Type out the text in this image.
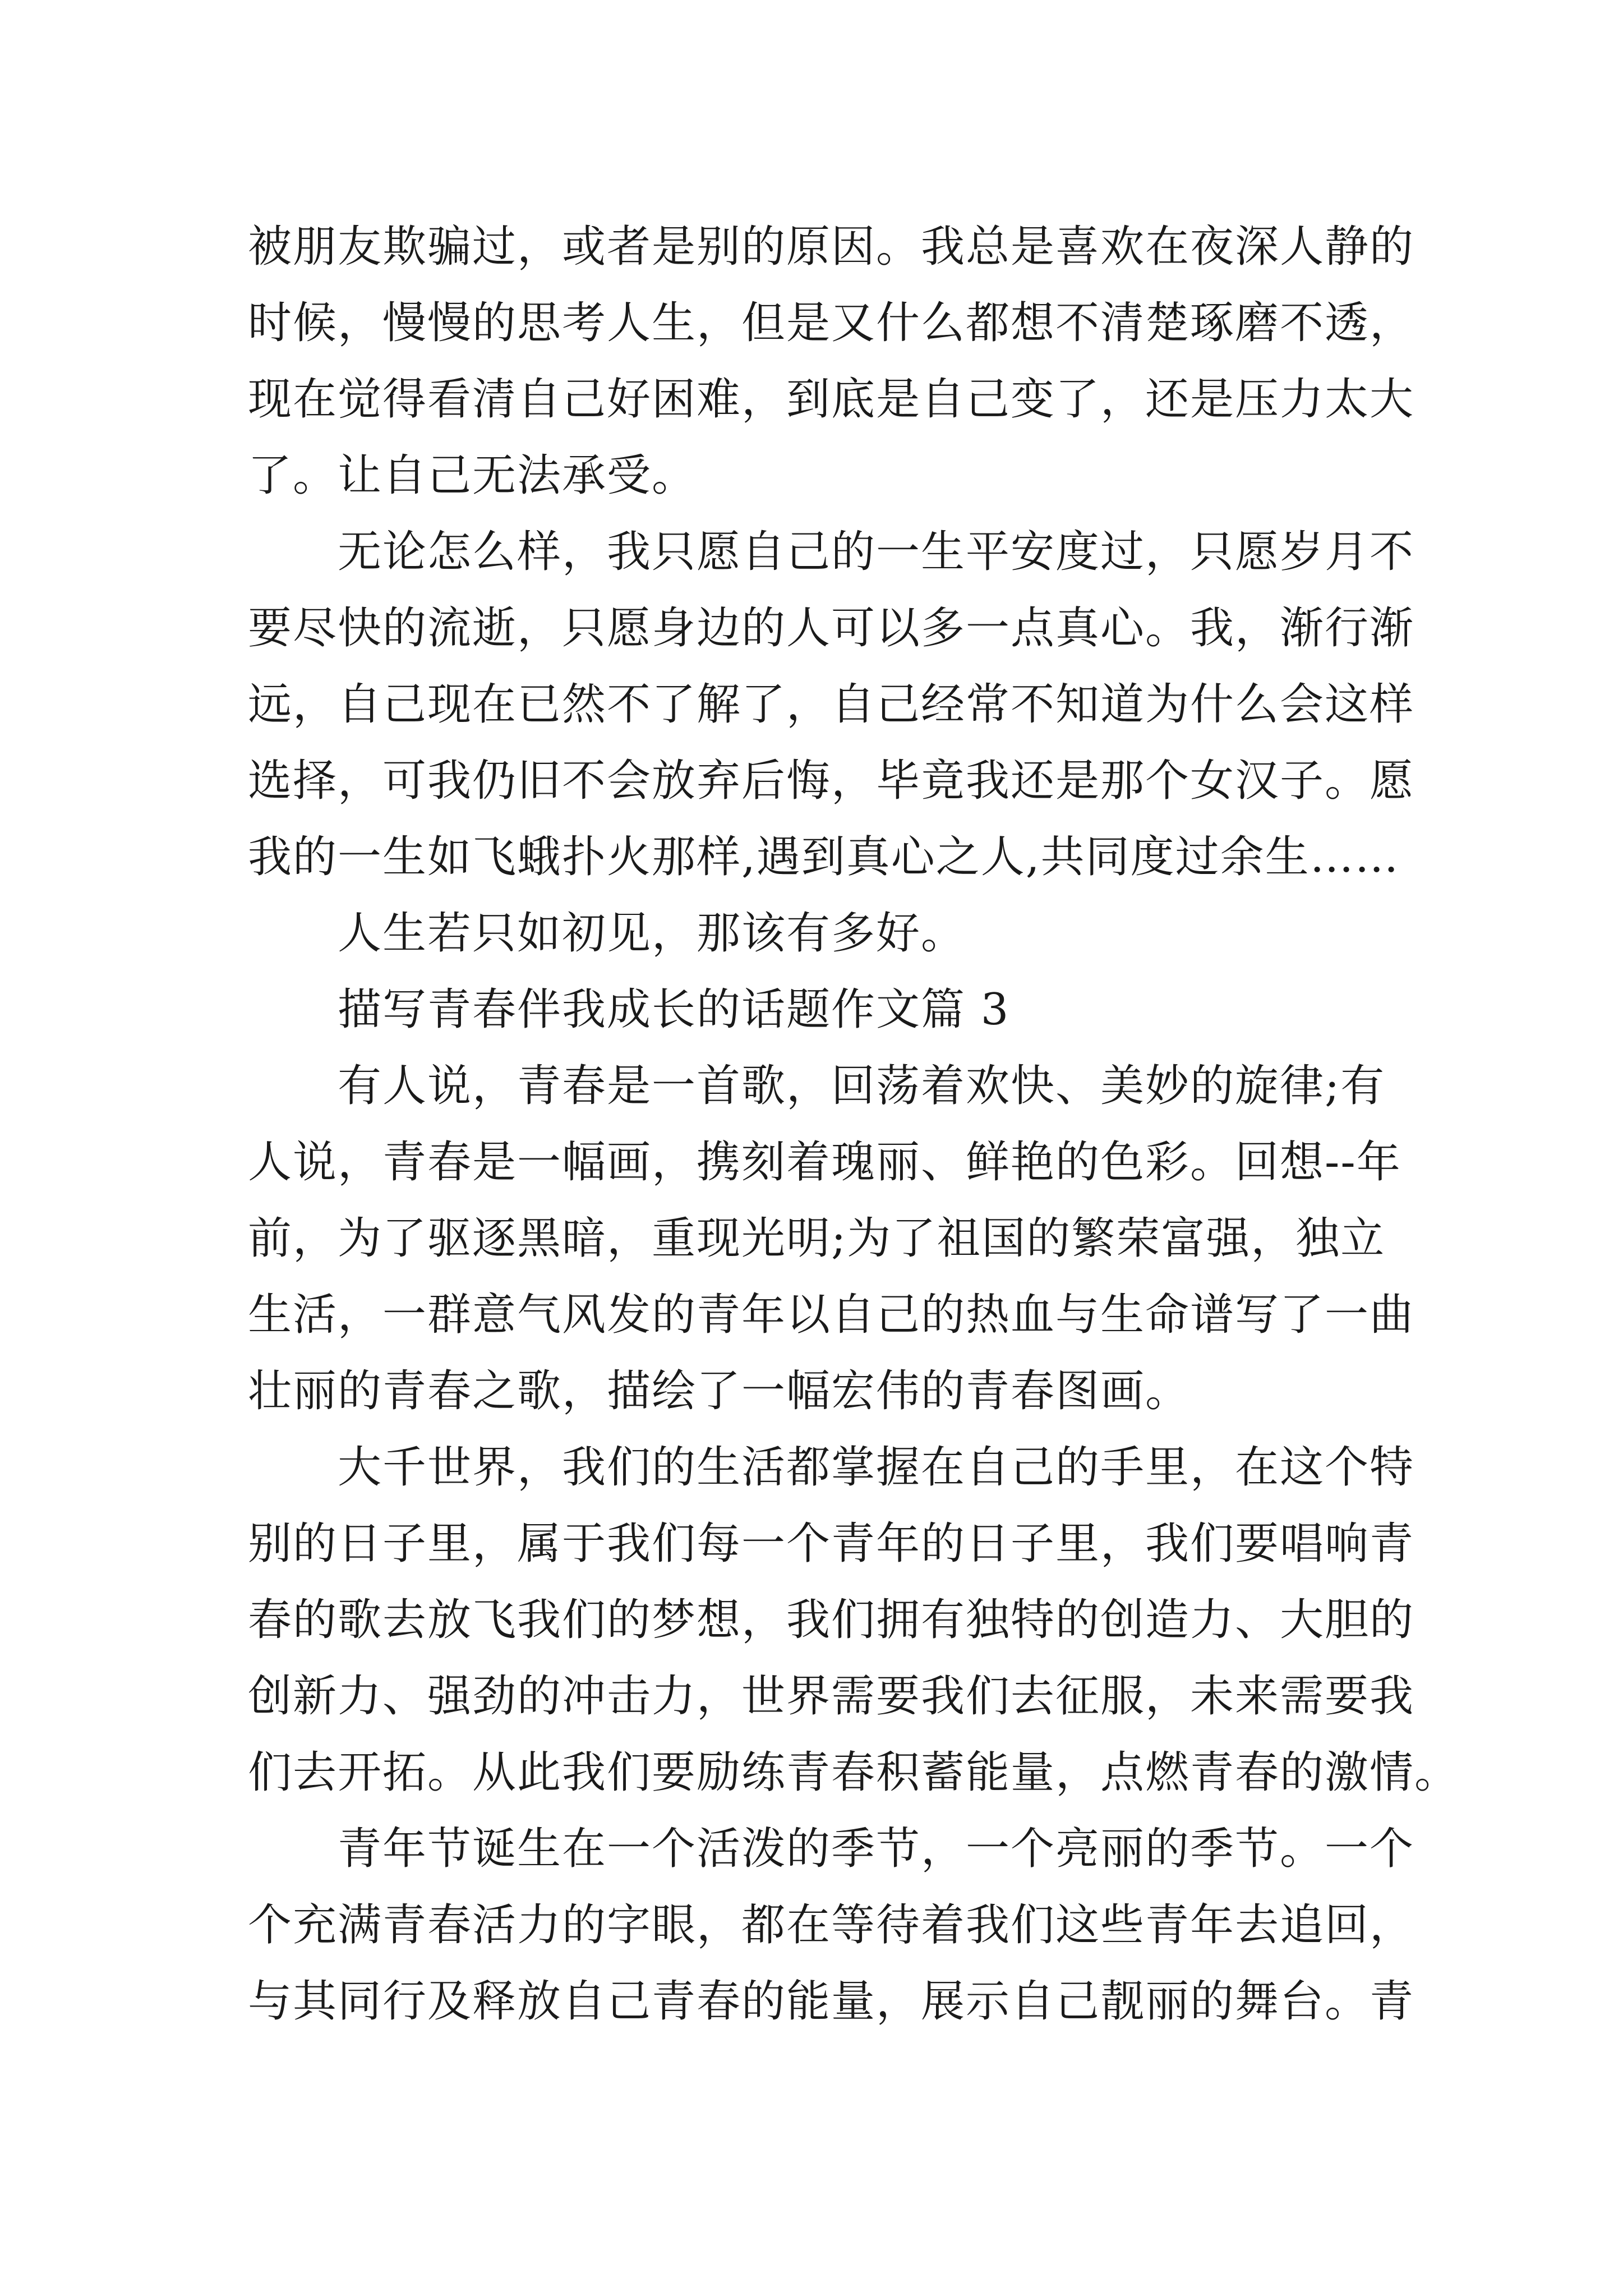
被朋友欺骗过，或者是别的原因。我总是喜欢在夜深人静的
时候，慢慢的思考人生，但是又什么都想不清楚琢磨不透，
现在觉得看清自己好困难，到底是自己变了，还是压力太大
了。让自己无法承受。
无论怎么样，我只愿自己的一生平安度过，只愿岁月不
要尽快的流逝，只愿身边的人可以多一点真心。我，渐行渐
远，自己现在已然不了解了，自己经常不知道为什么会这样
选择，可我仍旧不会放弃后悔，毕竟我还是那个女汉子。愿
我的一生如飞蛾扑火那样,遇到真心之人,共同度过余生……
人生若只如初见，那该有多好。
描写青春伴我成长的话题作文篇 3
有人说，青春是一首歌，回荡着欢快、美妙的旋律;有
人说，青春是一幅画，携刻着瑰丽、鲜艳的色彩。回想--年
前，为了驱逐黑暗，重现光明;为了祖国的繁荣富强，独立
生活，一群意气风发的青年以自己的热血与生命谱写了一曲
壮丽的青春之歌，描绘了一幅宏伟的青春图画。
大千世界，我们的生活都掌握在自己的手里，在这个特
别的日子里，属于我们每一个青年的日子里，我们要唱响青
春的歌去放飞我们的梦想，我们拥有独特的创造力、大胆的
创新力、强劲的冲击力，世界需要我们去征服，未来需要我
们去开拓。从此我们要励练青春积蓄能量，点燃青春的激情。
青年节诞生在一个活泼的季节，一个亮丽的季节。一个
个充满青春活力的字眼，都在等待着我们这些青年去追回，
与其同行及释放自己青春的能量，展示自己靓丽的舞台。青
